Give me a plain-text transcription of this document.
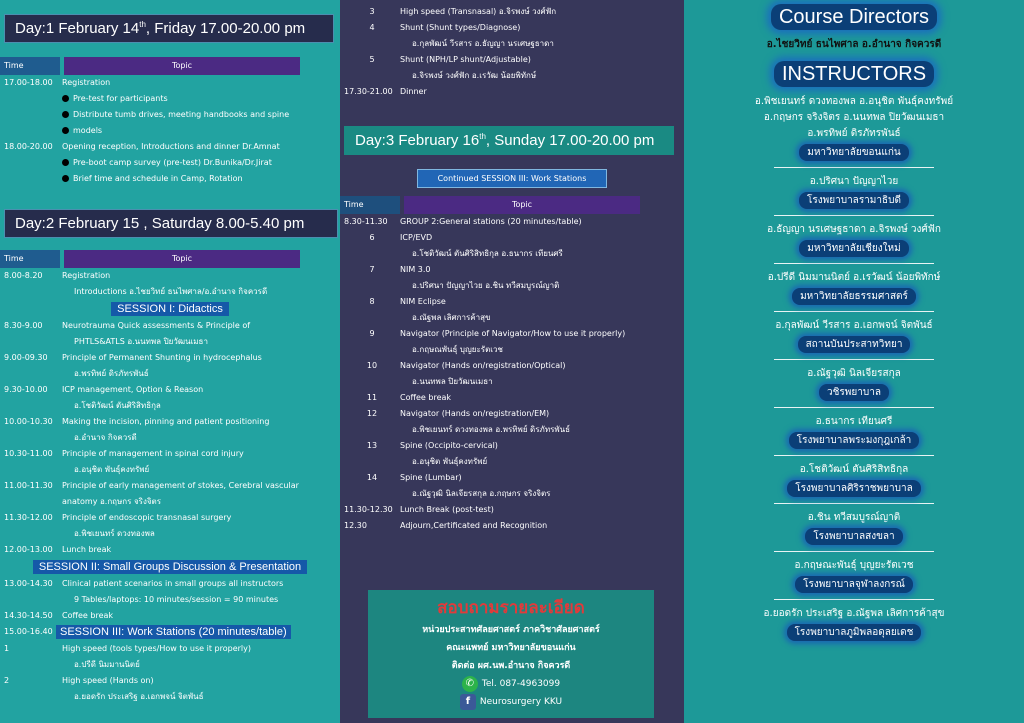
Day:1 February 14th, Friday 17.00-20.00 pm
Time	Topic
17.00-18.00	Registration
Pre-test for participants
Distribute tumb drives, meeting handbooks and spine
models
18.00-20.00	Opening reception, Introductions and dinner Dr.Amnat
Pre-boot camp survey (pre-test) Dr.Bunika/Dr.Jirat
Brief time and schedule in Camp, Rotation
Day:2 February 15 , Saturday 8.00-5.40 pm
Time	Topic
8.00-8.20	Registration
Introductions อ.ไชยวิทย์ ธนไพศาล/อ.อำนาจ กิจควรดี
SESSION I: Didactics
8.30-9.00	Neurotrauma Quick assessments & Principle of
PHTLS&ATLS อ.นนทพล ปิยวัฒนเมธา
9.00-09.30	Principle of Permanent Shunting in hydrocephalus
อ.พรทิพย์ ดิรภัทรพันธ์
9.30-10.00	ICP management, Option & Reason
อ.โชติวัฒน์ ตันศิริสิทธิกุล
10.00-10.30	Making the incision, pinning and patient positioning
อ.อำนาจ กิจควรดี
10.30-11.00	Principle of management in spinal cord injury
อ.อนุชิต พันธุ์คงทรัพย์
11.00-11.30	Principle of early management of stokes, Cerebral vascular
anatomy อ.กฤษกร จริงจิตร
11.30-12.00	Principle of endoscopic transnasal surgery
อ.พิชเยนทร์ ดวงทองพล
12.00-13.00	Lunch break
SESSION II: Small Groups Discussion & Presentation
13.00-14.30	Clinical patient scenarios in small groups all instructors
9 Tables/laptops: 10 minutes/session = 90 minutes
14.30-14.50	Coffee break
15.00-16.40 SESSION III: Work Stations (20 minutes/table)
1	High speed (tools types/How to use it properly)
อ.ปรีดี นิมมานนิตย์
2	High speed (Hands on)
อ.ยอดรัก ประเสริฐ อ.เอกพจน์ จิตพันธ์
3	High speed (Transnasal) อ.จิรพงษ์ วงศ์ฟัก
4	Shunt (Shunt types/Diagnose)
อ.กุลพัฒน์ วีรสาร อ.ธัญญา นรเศษฐธาดา
5	Shunt (NPH/LP shunt/Adjustable)
อ.จิรพงษ์ วงศ์ฟัก อ.เรวัฒ น้อยพิทักษ์
17.30-21.00 Dinner
Day:3 February 16th, Sunday 17.00-20.00 pm
Continued SESSION III: Work Stations
Time	Topic
8.30-11.30	GROUP 2:General stations (20 minutes/table)
6	ICP/EVD
อ.โชติวัฒน์ ตันศิริสิทธิกุล อ.ธนากร เทียนศรี
7	NIM 3.0
อ.ปริศนา ปัญญาไวย อ.ชิน ทวีสมบูรณ์ญาติ
8	NIM Eclipse
อ.ณัฐพล เลิศการค้าสุข
9	Navigator (Principle of Navigator/How to use it properly)
อ.กฤษณพันธุ์ บุญยะรัตเวช
10	Navigator (Hands on/registration/Optical)
อ.นนทพล ปิยวัฒนเมธา
11	Coffee break
12	Navigator (Hands on/registration/EM)
อ.พิชเยนทร์ ดวงทองพล อ.พรทิพย์ ดิรภัทรพันธ์
13	Spine (Occipito-cervical)
อ.อนุชิต พันธุ์คงทรัพย์
14	Spine (Lumbar)
อ.ณัฐวุฒิ นิลเจียรสกุล อ.กฤษกร จริงจิตร
11.30-12.30 Lunch Break (post-test)
12.30	Adjourn,Certificated and Recognition
สอบถามรายละเอียด
หน่วยประสาทศัลยศาสตร์ ภาควิชาศัลยศาสตร์
คณะแพทย์ มหาวิทยาลัยขอนแก่น
ติดต่อ ผศ.นพ.อำนาจ กิจควรดี
✆ Tel. 087-4963099
f Neurosurgery KKU
Course Directors
อ.ไชยวิทย์ ธนไพศาล อ.อำนาจ กิจควรดี
INSTRUCTORS
อ.พิชเยนทร์ ดวงทองพล อ.อนุชิต พันธุ์คงทรัพย์
อ.กฤษกร จริงจิตร อ.นนทพล ปิยวัฒนเมธา
อ.พรทิพย์ ดิรภัทรพันธ์
มหาวิทยาลัยขอนแก่น
อ.ปริศนา ปัญญาไวย
โรงพยาบาลรามาธิบดี
อ.ธัญญา นรเศษฐธาดา อ.จิรพงษ์ วงศ์ฟัก
มหาวิทยาลัยเชียงใหม่
อ.ปรีดี นิมมานนิตย์ อ.เรวัฒน์ น้อยพิทักษ์
มหาวิทยาลัยธรรมศาสตร์
อ.กุลพัฒน์ วีรสาร อ.เอกพจน์ จิตพันธ์
สถานบันประสาทวิทยา
อ.ณัฐวุฒิ นิลเจียรสกุล
วชิรพยาบาล
อ.ธนากร เทียนศรี
โรงพยาบาลพระมงกุฎเกล้า
อ.โชติวัฒน์ ตันศิริสิทธิกุล
โรงพยาบาลศิริราชพยาบาล
อ.ชิน ทวีสมบูรณ์ญาติ
โรงพยาบาลสงขลา
อ.กฤษณะพันธุ์ บุญยะรัตเวช
โรงพยาบาลจุฬาลงกรณ์
อ.ยอดรัก ประเสริฐ อ.ณัฐพล เลิศการค้าสุข
โรงพยาบาลภูมิพลอดุลยเดช
